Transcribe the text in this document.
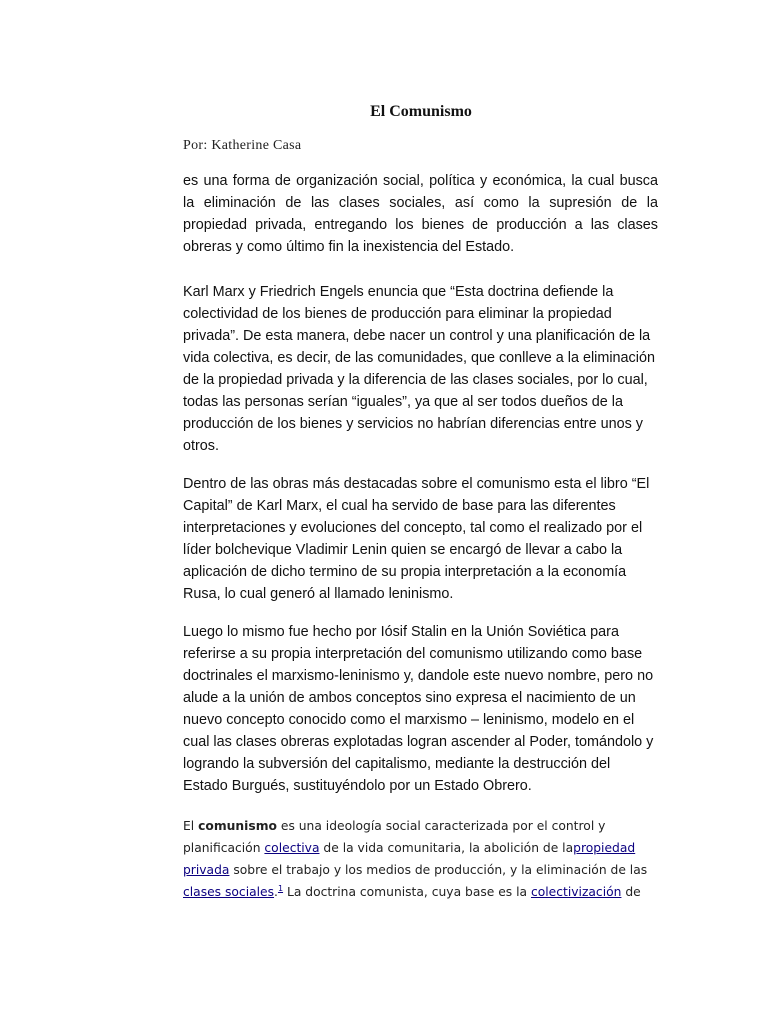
El Comunismo
Por: Katherine Casa

es una forma de organización social, política y económica, la cual busca la eliminación de las clases sociales, así como la supresión de la propiedad privada, entregando los bienes de producción a las clases obreras y como último fin la inexistencia del Estado.

Karl Marx y Friedrich Engels enuncia que “Esta doctrina defiende la colectividad de los bienes de producción para eliminar la propiedad privada”. De esta manera, debe nacer un control y una planificación de la vida colectiva, es decir, de las comunidades, que conlleve a la eliminación de la propiedad privada y la diferencia de las clases sociales, por lo cual, todas las personas serían “iguales”, ya que al ser todos dueños de la producción de los bienes y servicios no habrían diferencias entre unos y otros.

Dentro de las obras más destacadas sobre el comunismo esta el libro “El Capital” de Karl Marx, el cual ha servido de base para las diferentes interpretaciones y evoluciones del concepto, tal como el realizado por el líder bolchevique Vladimir Lenin quien se encargó de llevar a cabo la aplicación de dicho termino de su propia interpretación a la economía Rusa, lo cual generó al llamado leninismo.

Luego lo mismo fue hecho por Iósif Stalin en la Unión Soviética para referirse a su propia interpretación del comunismo utilizando como base doctrinales el marxismo-leninismo y, dandole este nuevo nombre, pero no alude a la unión de ambos conceptos sino expresa el nacimiento de un nuevo concepto conocido como el marxismo – leninismo, modelo en el cual las clases obreras explotadas logran ascender al Poder, tomándolo y logrando la subversión del capitalismo, mediante la destrucción del Estado Burgués, sustituyéndolo por un Estado Obrero.

El comunismo es una ideología social caracterizada por el control y planificación colectiva de la vida comunitaria, la abolición de lapropiedad privada sobre el trabajo y los medios de producción, y la eliminación de las clases sociales.$^1$ La doctrina comunista, cuya base es la colectivización de
